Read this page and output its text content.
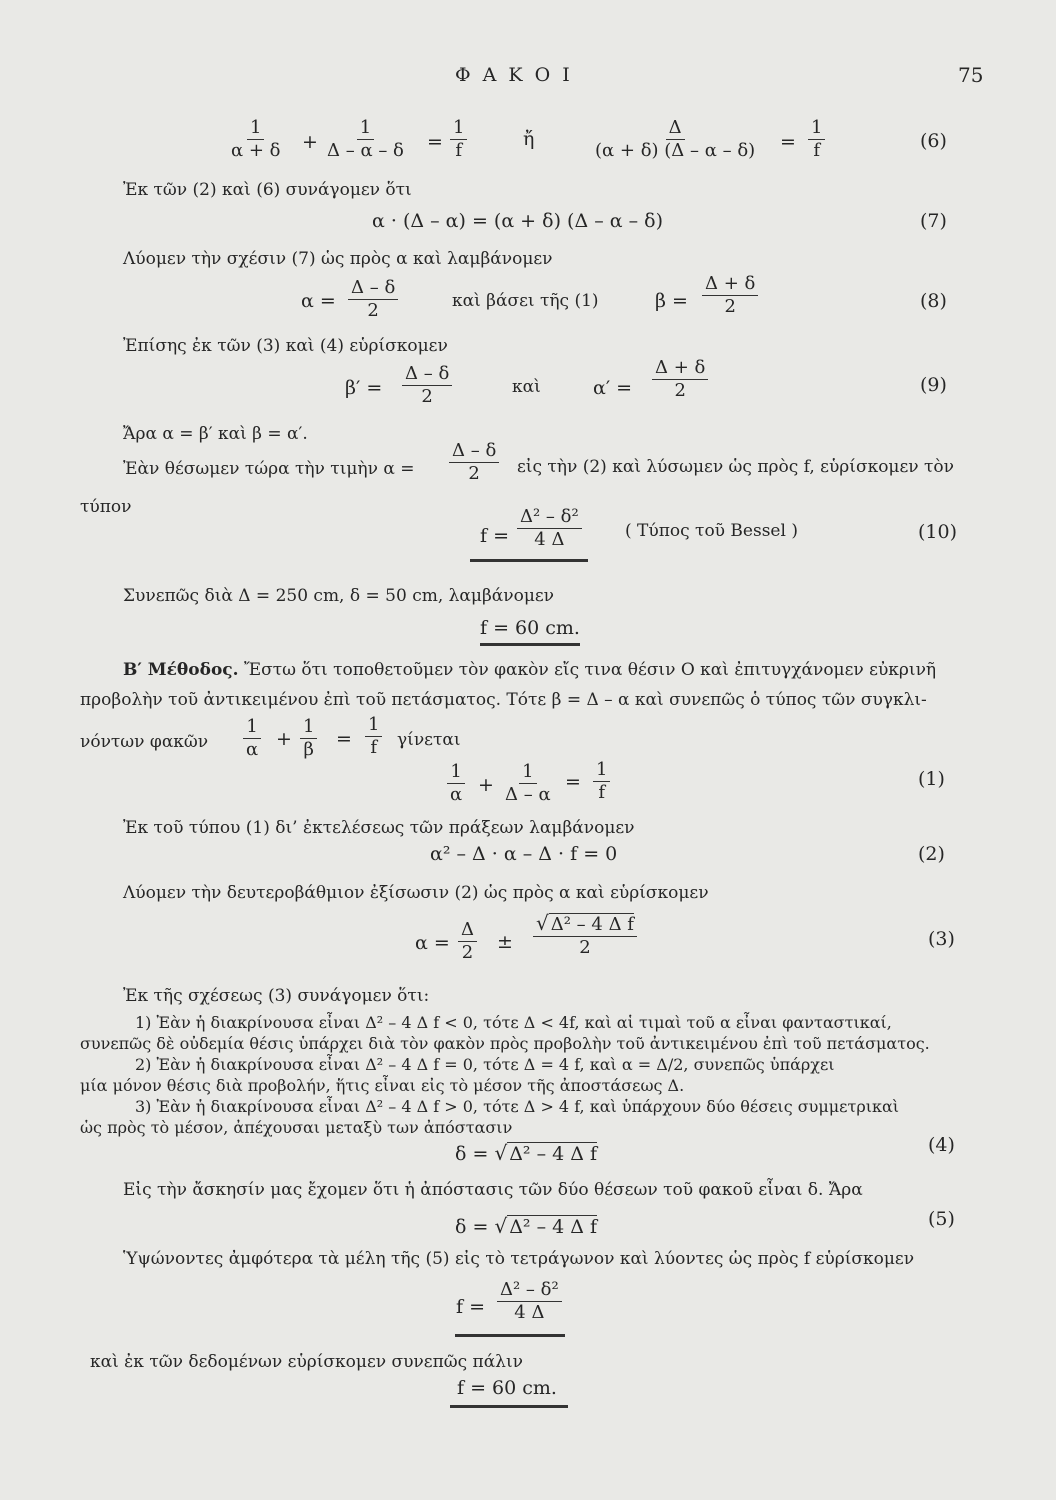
Φ Α Κ Ο Ι	75
$\frac{1}{\alpha + \delta} + \frac{1}{\Delta - \alpha - \delta} = \frac{1}{f}$	ἤ	$\frac{\Delta}{(\alpha + \delta) (\Delta - \alpha - \delta)} = \frac{1}{f}$	(6)
Ἐκ τῶν (2) καὶ (6) συνάγομεν ὅτι
α · (Δ – α) = (α + δ) (Δ – α – δ)	(7)
Λύομεν τὴν σχέσιν (7) ὡς πρὸς α καὶ λαμβάνομεν
$\alpha = \frac{\Delta - \delta}{2}$	καὶ βάσει τῆς (1)	$\beta = \frac{\Delta + \delta}{2}$	(8)
Ἐπίσης ἐκ τῶν (3) καὶ (4) εὑρίσκομεν
$\beta' = \frac{\Delta - \delta}{2}$	καὶ	$\alpha' = \frac{\Delta + \delta}{2}$	(9)
Ἄρα α = β′ καὶ β = α′.
Ἐὰν θέσωμεν τώρα τὴν τιμὴν $\alpha = \frac{\Delta - \delta}{2}$ εἰς τὴν (2) καὶ λύσωμεν ὡς πρὸς f, εὑρίσκομεν τὸν
τύπον
$f = \frac{\text{Δ² – δ²}}{4 \Delta}$	( Τύπος τοῦ Bessel )	(10)
Συνεπῶς διὰ Δ = 250 cm, δ = 50 cm, λαμβάνομεν
f = 60 cm.
Β′ Μέθοδος. Ἔστω ὅτι τοποθετοῦμεν τὸν φακὸν εἴς τινα θέσιν Ο καὶ ἐπιτυγχάνομεν εὐκρινῆ
προβολὴν τοῦ ἀντικειμένου ἐπὶ τοῦ πετάσματος. Τότε β = Δ – α καὶ συνεπῶς ὁ τύπος τῶν συγκλι-
νόντων φακῶν $\frac{1}{\alpha} + \frac{1}{\beta} = \frac{1}{f}$ γίνεται
$\frac{1}{\alpha} + \frac{1}{\Delta - \alpha} = \frac{1}{f}$	(1)
Ἐκ τοῦ τύπου (1) δι’ ἐκτελέσεως τῶν πράξεων λαμβάνομεν
α² – Δ · α – Δ · f = 0	(2)
Λύομεν τὴν δευτεροβάθμιον ἐξίσωσιν (2) ὡς πρὸς α καὶ εὑρίσκομεν
$\alpha = \frac{\Delta}{2} \pm \frac{\text{√ Δ² – 4 Δ f}}{2}$	(3)
Ἐκ τῆς σχέσεως (3) συνάγομεν ὅτι:
1) Ἐὰν ἡ διακρίνουσα εἶναι Δ² – 4 Δ f < 0, τότε Δ < 4f, καὶ αἱ τιμαὶ τοῦ α εἶναι φανταστικαί,
συνεπῶς δὲ οὐδεμία θέσις ὑπάρχει διὰ τὸν φακὸν πρὸς προβολὴν τοῦ ἀντικειμένου ἐπὶ τοῦ πετάσματος.
2) Ἐὰν ἡ διακρίνουσα εἶναι Δ² – 4 Δ f = 0, τότε Δ = 4 f, καὶ α = Δ/2, συνεπῶς ὑπάρχει
μία μόνον θέσις διὰ προβολήν, ἥτις εἶναι εἰς τὸ μέσον τῆς ἀποστάσεως Δ.
3) Ἐὰν ἡ διακρίνουσα εἶναι Δ² – 4 Δ f > 0, τότε Δ > 4 f, καὶ ὑπάρχουν δύο θέσεις συμμετρικαὶ
ὡς πρὸς τὸ μέσον, ἀπέχουσαι μεταξὺ των ἀπόστασιν
δ = √ Δ² – 4 Δ f	(4)
Εἰς τὴν ἄσκησίν μας ἔχομεν ὅτι ἡ ἀπόστασις τῶν δύο θέσεων τοῦ φακοῦ εἶναι δ. Ἄρα
δ = √ Δ² – 4 Δ f	(5)
Ὑψώνοντες ἀμφότερα τὰ μέλη τῆς (5) εἰς τὸ τετράγωνον καὶ λύοντες ὡς πρὸς f εὑρίσκομεν
$f = \frac{\text{Δ² – δ²}}{4 \Delta}$
καὶ ἐκ τῶν δεδομένων εὑρίσκομεν συνεπῶς πάλιν
f = 60 cm.
